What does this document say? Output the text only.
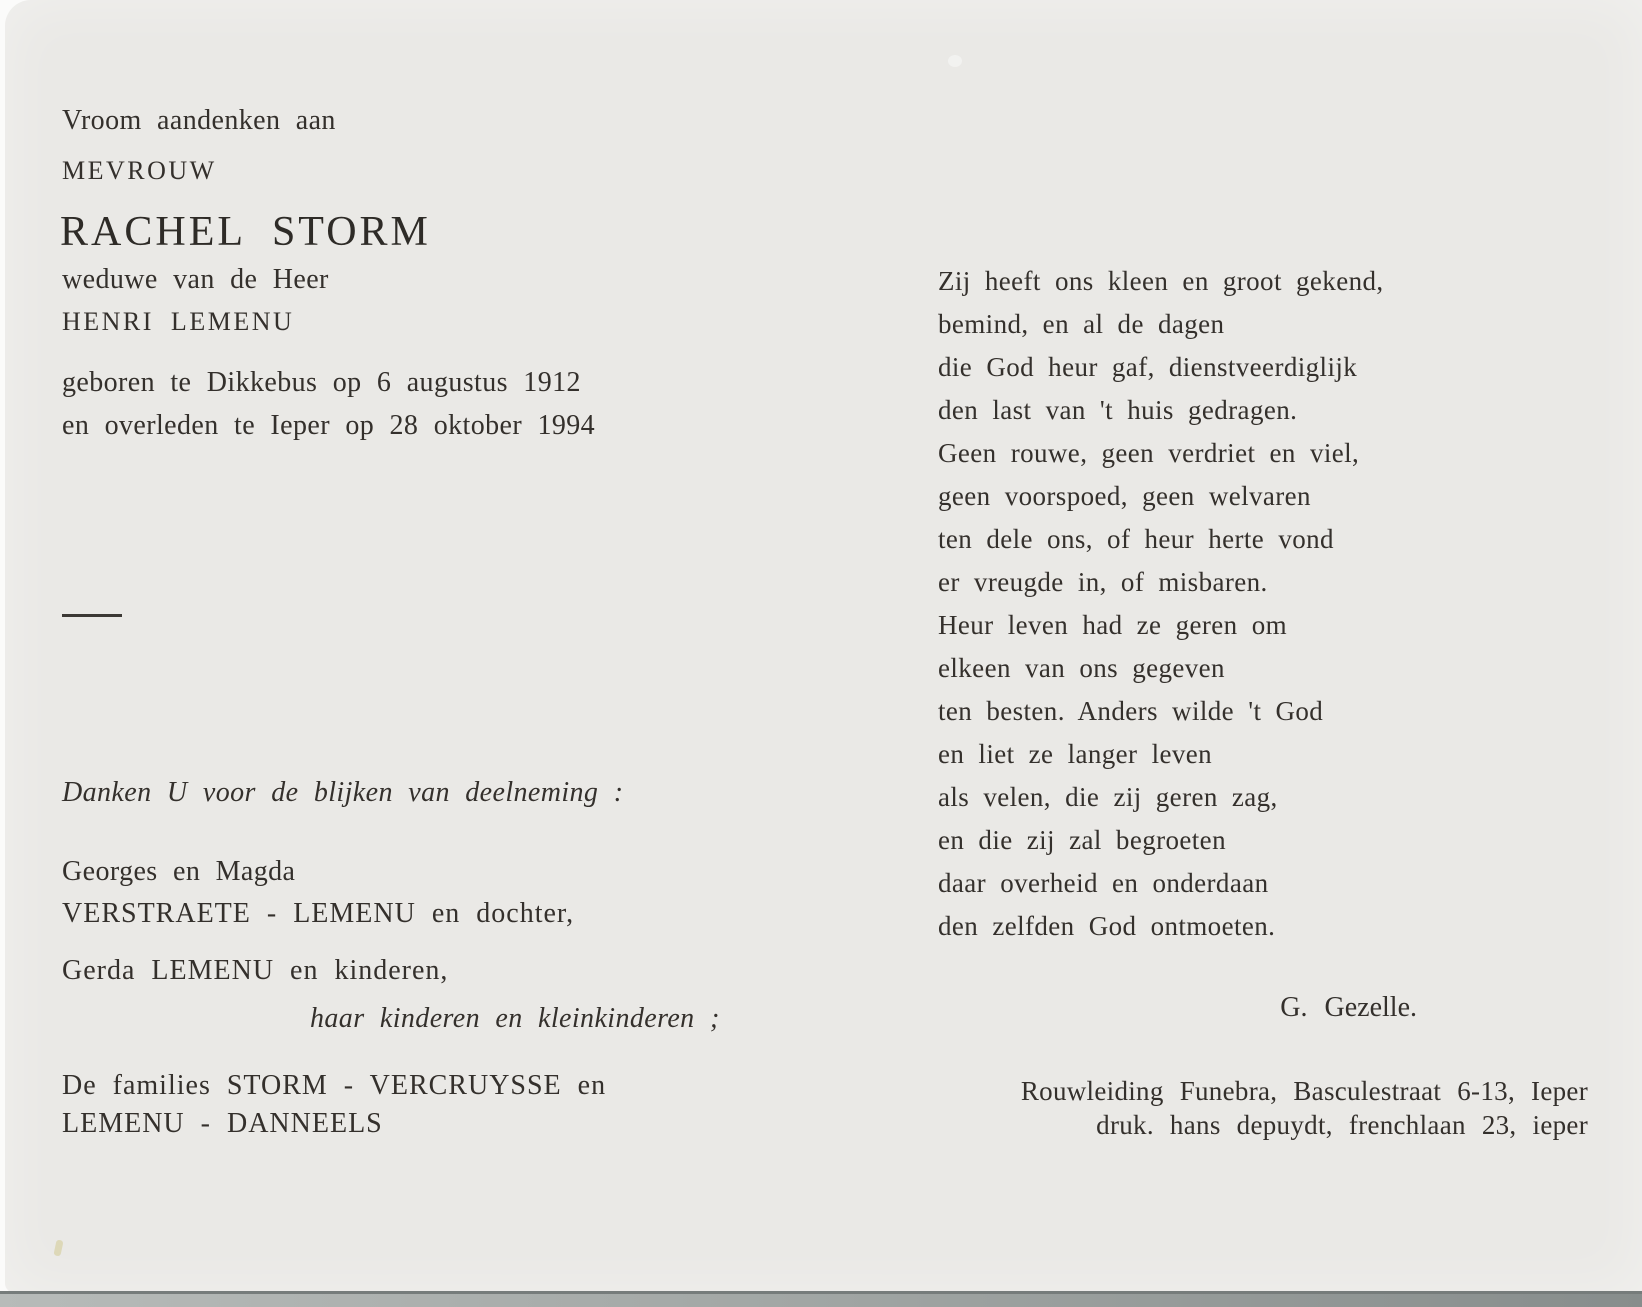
Vroom aandenken aan
MEVROUW
RACHEL STORM
weduwe van de Heer
HENRI LEMENU
geboren te Dikkebus op 6 augustus 1912
en overleden te Ieper op 28 oktober 1994
Danken U voor de blijken van deelneming :
Georges en Magda
VERSTRAETE - LEMENU en dochter,
Gerda LEMENU en kinderen,
haar kinderen en kleinkinderen ;
De families STORM - VERCRUYSSE en
LEMENU - DANNEELS
Zij heeft ons kleen en groot gekend,
bemind, en al de dagen
die God heur gaf, dienstveerdiglijk
den last van 't huis gedragen.
Geen rouwe, geen verdriet en viel,
geen voorspoed, geen welvaren
ten dele ons, of heur herte vond
er vreugde in, of misbaren.
Heur leven had ze geren om
elkeen van ons gegeven
ten besten. Anders wilde 't God
en liet ze langer leven
als velen, die zij geren zag,
en die zij zal begroeten
daar overheid en onderdaan
den zelfden God ontmoeten.
G. Gezelle.
Rouwleiding Funebra, Basculestraat 6-13, Ieper
druk. hans depuydt, frenchlaan 23, ieper
